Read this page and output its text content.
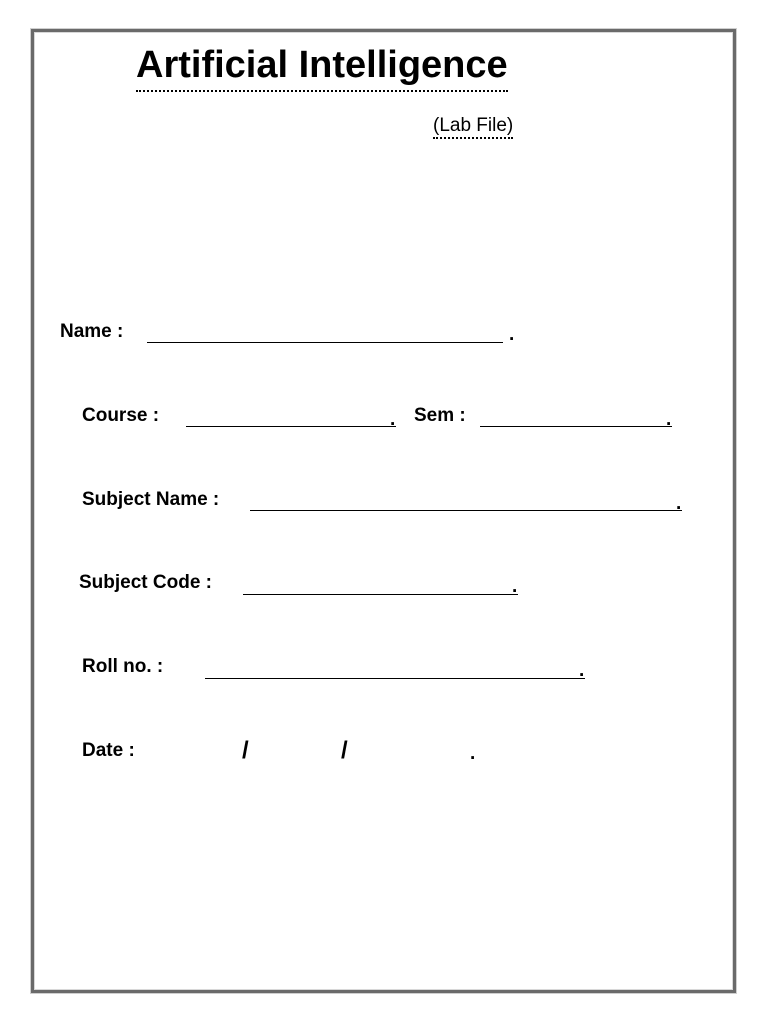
Artificial Intelligence
(Lab File)
Name :	.
Course :	. Sem :	.
Subject Name :	.
Subject Code :	.
Roll no. :	.
Date :	/	/	.
